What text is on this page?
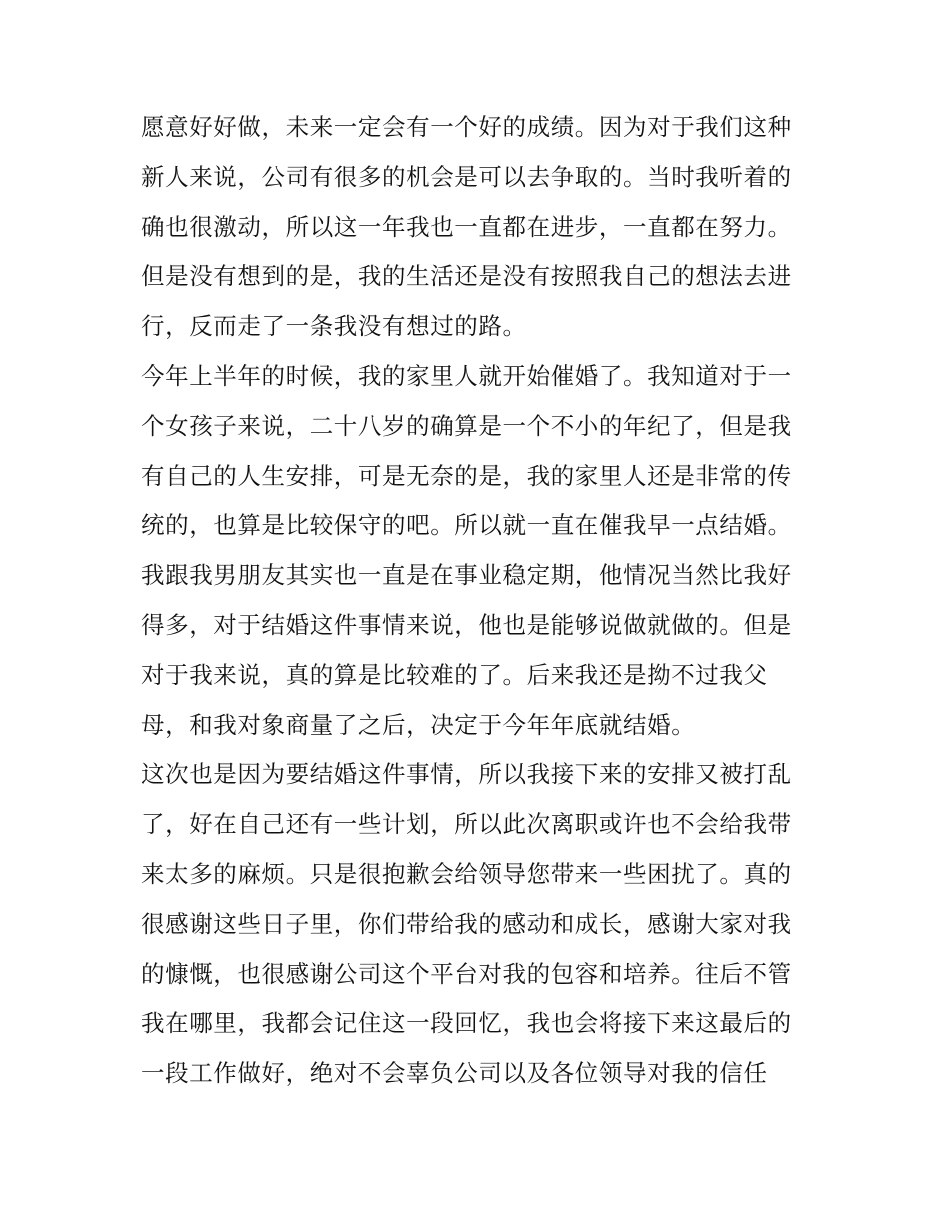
愿意好好做，未来一定会有一个好的成绩。因为对于我们这种
新人来说，公司有很多的机会是可以去争取的。当时我听着的
确也很激动，所以这一年我也一直都在进步，一直都在努力。
但是没有想到的是，我的生活还是没有按照我自己的想法去进
行，反而走了一条我没有想过的路。
今年上半年的时候，我的家里人就开始催婚了。我知道对于一
个女孩子来说，二十八岁的确算是一个不小的年纪了，但是我
有自己的人生安排，可是无奈的是，我的家里人还是非常的传
统的，也算是比较保守的吧。所以就一直在催我早一点结婚。
我跟我男朋友其实也一直是在事业稳定期，他情况当然比我好
得多，对于结婚这件事情来说，他也是能够说做就做的。但是
对于我来说，真的算是比较难的了。后来我还是拗不过我父
母，和我对象商量了之后，决定于今年年底就结婚。
这次也是因为要结婚这件事情，所以我接下来的安排又被打乱
了，好在自己还有一些计划，所以此次离职或许也不会给我带
来太多的麻烦。只是很抱歉会给领导您带来一些困扰了。真的
很感谢这些日子里，你们带给我的感动和成长，感谢大家对我
的慷慨，也很感谢公司这个平台对我的包容和培养。往后不管
我在哪里，我都会记住这一段回忆，我也会将接下来这最后的
一段工作做好，绝对不会辜负公司以及各位领导对我的信任
